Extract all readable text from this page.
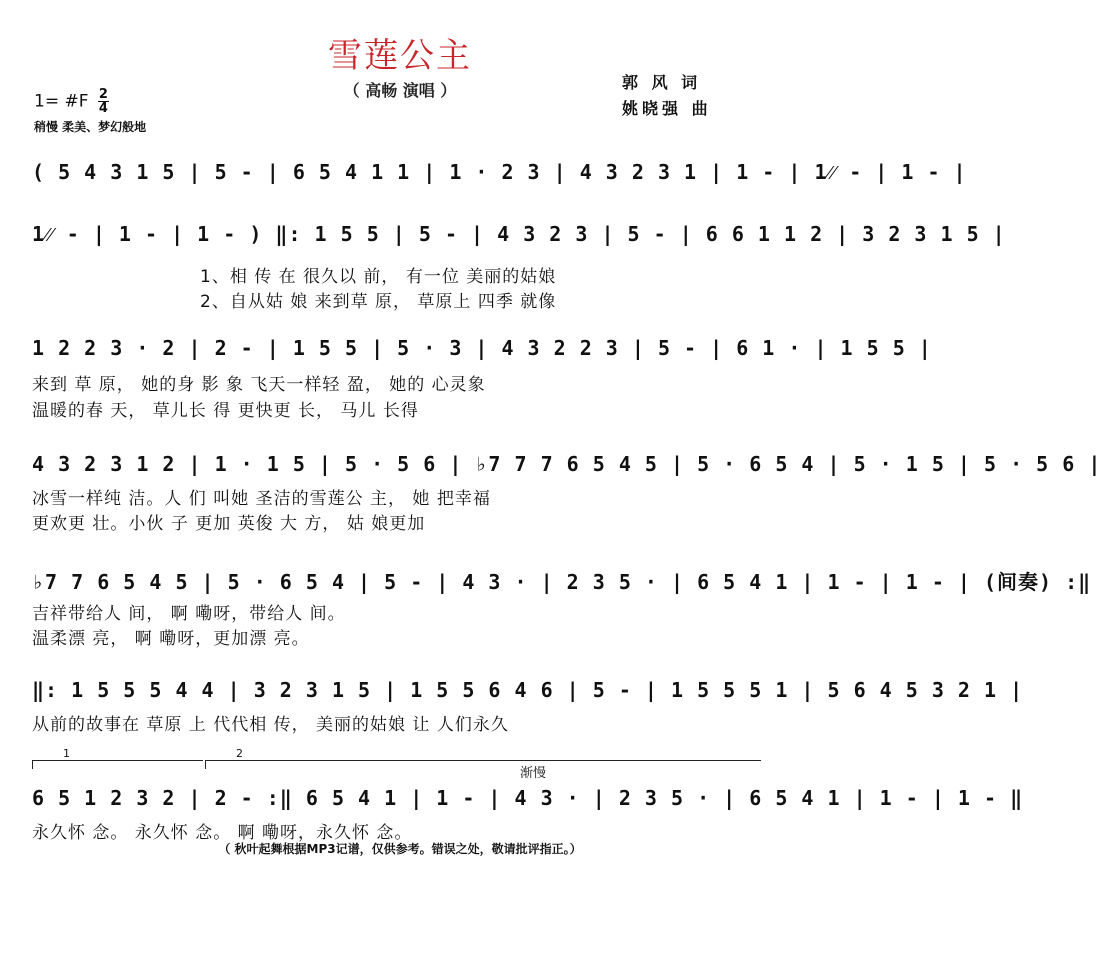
雪莲公主
（ 高畅 演唱 ）	郭 风 词
姚晓强 曲
1= #F $\frac{2}{4}$
稍慢 柔美、梦幻般地
( 5 4 3 1 5 | 5 - | 6 5 4 1 1 | 1 · 2 3 | 4 3 2 3 1 | 1 - | 1⁄⁄ - | 1 - |
1⁄⁄ - | 1 - | 1 - ) ‖: 1 5 5 | 5 - | 4 3 2 3 | 5 - | 6 6 1 1 2 | 3 2 3 1 5 |
1、相 传 在 很久以 前， 有一位 美丽的姑娘
2、自从姑 娘 来到草 原， 草原上 四季 就像
1 2 2 3 · 2 | 2 - | 1 5 5 | 5 · 3 | 4 3 2 2 3 | 5 - | 6 1 · | 1 5 5 |
来到 草 原， 她的身 影 象 飞天一样轻 盈， 她的 心灵象
温暖的春 天， 草儿长 得 更快更 长， 马儿 长得
4 3 2 3 1 2 | 1 · 1 5 | 5 · 5 6 | ♭7 7 7 6 5 4 5 | 5 · 6 5 4 | 5 · 1 5 | 5 · 5 6 |
冰雪一样纯 洁。人 们 叫她 圣洁的雪莲公 主， 她 把幸福
更欢更 壮。小伙 子 更加 英俊 大 方， 姑 娘更加
♭7 7 6 5 4 5 | 5 · 6 5 4 | 5 - | 4 3 · | 2 3 5 · | 6 5 4 1 | 1 - | 1 - | (间奏) :‖
吉祥带给人 间， 啊 嘞呀，带给人 间。
温柔漂 亮， 啊 嘞呀，更加漂 亮。
‖: 1 5 5 5 4 4 | 3 2 3 1 5 | 1 5 5 6 4 6 | 5 - | 1 5 5 5 1 | 5 6 4 5 3 2 1 |
从前的故事在 草原 上 代代相 传， 美丽的姑娘 让 人们永久
1	2
渐慢
6 5 1 2 3 2 | 2 - :‖ 6 5 4 1 | 1 - | 4 3 · | 2 3 5 · | 6 5 4 1 | 1 - | 1 - ‖
永久怀 念。 永久怀 念。 啊 嘞呀，永久怀 念。
（ 秋叶起舞根据MP3记谱，仅供参考。错误之处，敬请批评指正。）
